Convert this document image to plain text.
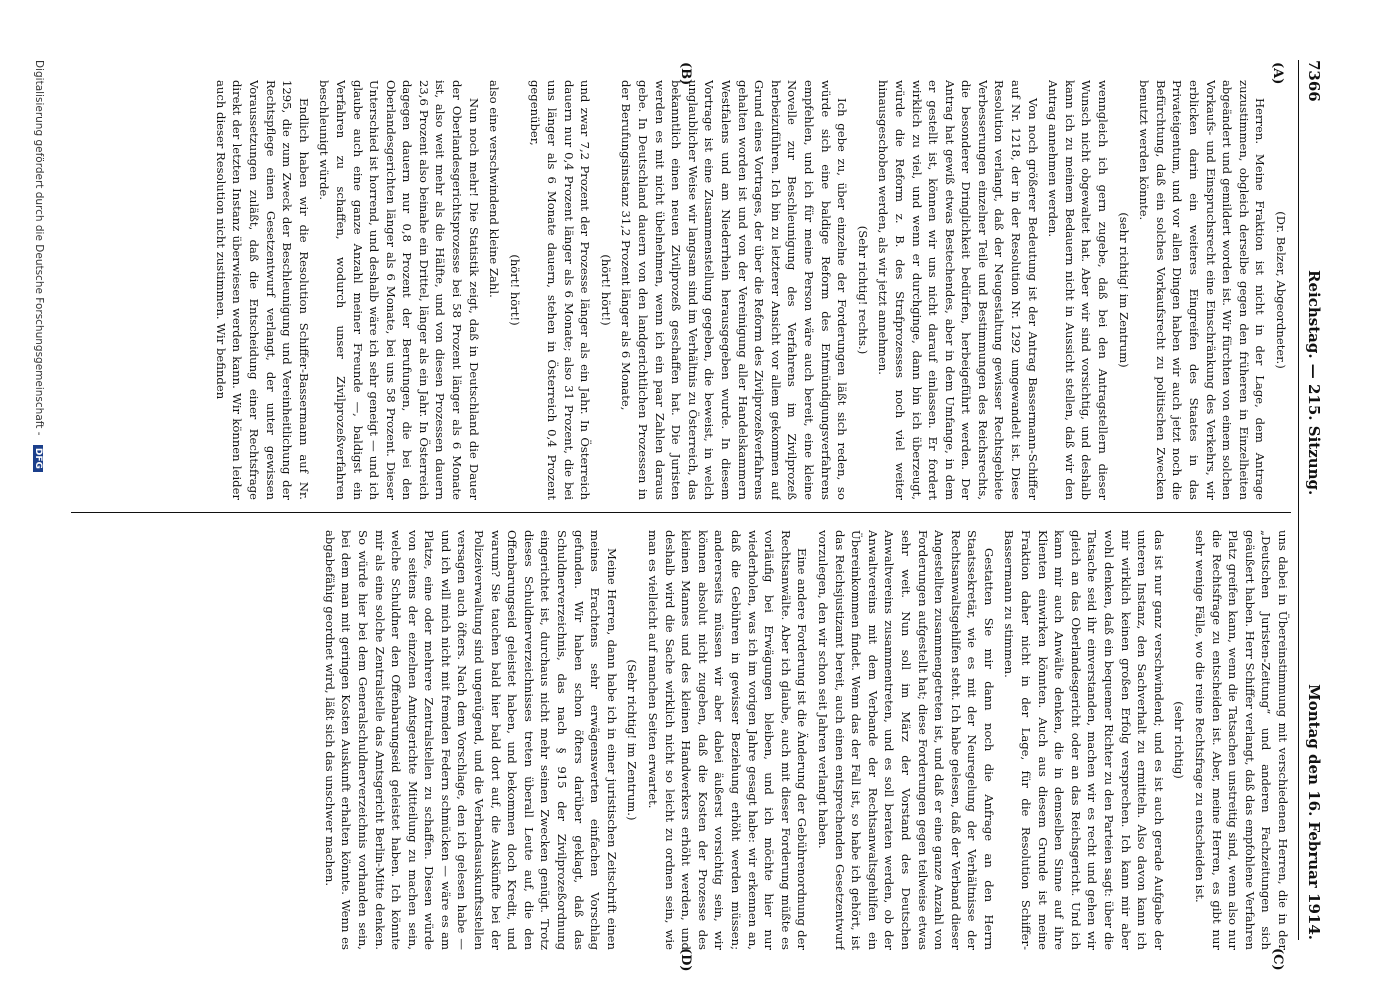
7366
Reichstag. — 215. Sitzung.
Montag den 16. Februar 1914.
(A)
(B)
(C)
(D)

(Dr. Belzer, Abgeordneter.)

Herren. Meine Fraktion ist nicht in der Lage, dem Antrage zuzustimmen, obgleich derselbe gegen den früheren in Einzelheiten abgeändert und gemildert worden ist. Wir fürchten von einem solchen Vorkaufs- und Einspruchsrecht eine Einschränkung des Verkehrs, wir erblicken darin ein weiteres Eingreifen des Staates in das Privateigentum, und vor allen Dingen haben wir auch jetzt noch die Befürchtung, daß ein solches Vorkaufsrecht zu politischen Zwecken benutzt werden könnte.

(sehr richtig! im Zentrum)

wenngleich ich gern zugebe, daß bei den Antragstellern dieser Wunsch nicht obgewaltet hat. Aber wir sind vorsichtig, und deshalb kann ich zu meinem Bedauern nicht in Aussicht stellen, daß wir den Antrag annehmen werden.

Von noch größerer Bedeutung ist der Antrag Bassermann-Schiffer auf Nr. 1218, der in der Resolution Nr. 1292 umgewandelt ist. Diese Resolution verlangt, daß der Neugestaltung gewisser Rechtsgebiete Verbesserungen einzelner Teile und Bestimmungen des Reichsrechts, die besonderer Dringlichkeit bedürfen, herbeigeführt werden. Der Antrag hat gewiß etwas Bestechendes, aber in dem Umfange, in dem er gestellt ist, können wir uns nicht darauf einlassen. Er fordert wirklich zu viel, und wenn er durchginge, dann bin ich überzeugt, würde die Reform z. B. des Strafprozesses noch viel weiter hinausgeschoben werden, als wir jetzt annehmen.

(Sehr richtig! rechts.)

Ich gebe zu, über einzelne der Forderungen läßt sich reden, so würde sich eine baldige Reform des Entmündigungsverfahrens empfehlen, und ich für meine Person wäre auch bereit, eine kleine Novelle zur Beschleunigung des Verfahrens im Zivilprozeß herbeizuführen. Ich bin zu letzterer Ansicht vor allem gekommen auf Grund eines Vortrages, der über die Reform des Zivilprozeßverfahrens gehalten worden ist und von der Vereinigung aller Handelskammern Westfalens und am Niederrhein herausgegeben wurde. In diesem Vortrage ist eine Zusammenstellung gegeben, die beweist, in welch unglaublicher Weise wir langsam sind im Verhältnis zu Österreich, das bekanntlich einen neuen Zivilprozeß geschaffen hat. Die Juristen werden es mit nicht übelnehmen, wenn ich ein paar Zahlen daraus gebe. In Deutschland dauern von den landgerichtlichen Prozessen in der Berufungsinstanz 31,2 Prozent länger als 6 Monate,

(hört! hört!)

und zwar 7,2 Prozent der Prozesse länger als ein Jahr. In Österreich dauern nur 0,4 Prozent länger als 6 Monate; also 31 Prozent, die bei uns länger als 6 Monate dauern, stehen in Österreich 0,4 Prozent gegenüber,

(hört! hört!)

also eine verschwindend kleine Zahl.

Nun noch mehr! Die Statistik zeigt, daß in Deutschland die Dauer der Oberlandesgerichtsprozesse bei 58 Prozent länger als 6 Monate ist, also weit mehr als die Hälfte, und von diesen Prozessen dauern 23,6 Prozent also beinahe ein Drittel, länger als ein Jahr. In Österreich dagegen dauern nur 0,8 Prozent der Berufungen, die bei den Oberlandesgerichten länger als 6 Monate, bei uns 58 Prozent. Dieser Unterschied ist horrend, und deshalb wäre ich sehr geneigt — und ich glaube auch eine ganze Anzahl meiner Freunde —, baldigst ein Verfahren zu schaffen, wodurch unser Zivilprozeßverfahren beschleunigt würde.

Endlich haben wir die Resolution Schiffer-Bassermann auf Nr. 1295, die zum Zweck der Beschleunigung und Vereinheitlichung der Rechtspflege einen Gesetzentwurf verlangt, der unter gewissen Voraussetzungen zuläßt, daß die Entscheidung einer Rechtsfrage direkt der letzten Instanz überwiesen werden kann. Wir können leider auch dieser Resolution nicht zustimmen. Wir befinden

uns dabei in Übereinstimmung mit verschiedenen Herren, die in der „Deutschen Juristen-Zeitung“ und anderen Fachzeitungen sich geäußert haben. Herr Schiffer verlangt, daß das empfohlene Verfahren Platz greifen kann, wenn die Tatsachen unstreitig sind, wenn also nur die Rechtsfrage zu entscheiden ist. Aber, meine Herren, es gibt nur sehr wenige Fälle, wo die reine Rechtsfrage zu entscheiden ist.

(sehr richtig)

das ist nur ganz verschwindend; und es ist auch gerade Aufgabe der unteren Instanz, den Sachverhalt zu ermitteln. Also davon kann ich mir wirklich keinen großen Erfolg versprechen. Ich kann mir aber wohl denken, daß ein bequemer Richter zu den Parteien sagt: über die Tatsache seid ihr einverstanden, machen wir es recht und gehen wir gleich an das Oberlandesgericht oder an das Reichsgericht. Und ich kann mir auch Anwälte denken, die in demselben Sinne auf ihre Klienten einwirken könnten. Auch aus diesem Grunde ist meine Fraktion daher nicht in der Lage, für die Resolution Schiffer-Bassermann zu stimmen.

Gestatten Sie mir dann noch die Anfrage an den Herrn Staatssekretär, wie es mit der Neuregelung der Verhältnisse der Rechtsanwaltsgehilfen steht. Ich habe gelesen, daß der Verband dieser Angestellten zusammengetreten ist, und daß er eine ganze Anzahl von Forderungen aufgestellt hat; diese Forderungen gegen teilweise etwas sehr weit. Nun soll im März der Vorstand des Deutschen Anwaltvereins zusammentreten, und es soll beraten werden, ob der Anwaltvereins mit dem Verbande der Rechtsanwaltsgehilfen ein Übereinkommen findet. Wenn das der Fall ist, so habe ich gehört, ist das Reichsjustizamt bereit, auch einen entsprechenden Gesetzentwurf vorzulegen, den wir schon seit Jahren verlangt haben.

Eine andere Forderung ist die Änderung der Gebührenordnung der Rechtsanwälte. Aber ich glaube, auch mit dieser Forderung müßte es vorläufig bei Erwägungen bleiben, und ich möchte hier nur wiederholen, was ich im vorigen Jahre gesagt habe: wir erkennen an, daß die Gebühren in gewisser Beziehung erhöht werden müssen; andererseits müssen wir aber dabei äußerst vorsichtig sein, wir können absolut nicht zugeben, daß die Kosten der Prozesse des kleinen Mannes und des kleinen Handwerkers erhöht werden, und deshalb wird die Sache wirklich nicht so leicht zu ordnen sein, wie man es vielleicht auf manchen Seiten erwartet.

(Sehr richtig! im Zentrum.)

Meine Herren, dann habe ich in einer juristischen Zeitschrift einen meines Erachtens sehr erwägenswerten einfachen Vorschlag gefunden. Wir haben schon öfters darüber geklagt, daß das Schuldnerverzeichnis, das nach § 915 der Zivilprozeßordnung eingerichtet ist, durchaus nicht mehr seinen Zwecken genügt. Trotz dieses Schuldnerverzeichnisses treten überall Leute auf, die den Offenbarungseid geleistet haben, und bekommen doch Kredit, und warum? Sie tauchen bald hier bald dort auf, die Auskünfte bei der Polizeiverwaltung sind ungenügend, und die Verbandsauskunftsstellen versagen auch öfters. Nach dem Vorschlage, den ich gelesen habe — und ich will mich nicht mit fremden Federn schmücken — wäre es am Platze, eine oder mehrere Zentralstellen zu schaffen. Diesen würde von seitens der einzelnen Amtsgerichte Mitteilung zu machen sein, welche Schuldner den Offenbarungseid geleistet haben. Ich könnte mir als eine solche Zentralstelle das Amtsgericht Berlin-Mitte denken. So würde hier bei dem Generalschuldnerverzeichnis vorhanden sein, bei dem man mit geringen Kosten Auskunft erhalten könnte. Wenn es abgabefähig geordnet wird, läßt sich das unschwer machen.

Digitalisierung gefördert durch die Deutsche Forschungsgemeinschaft - DFG
